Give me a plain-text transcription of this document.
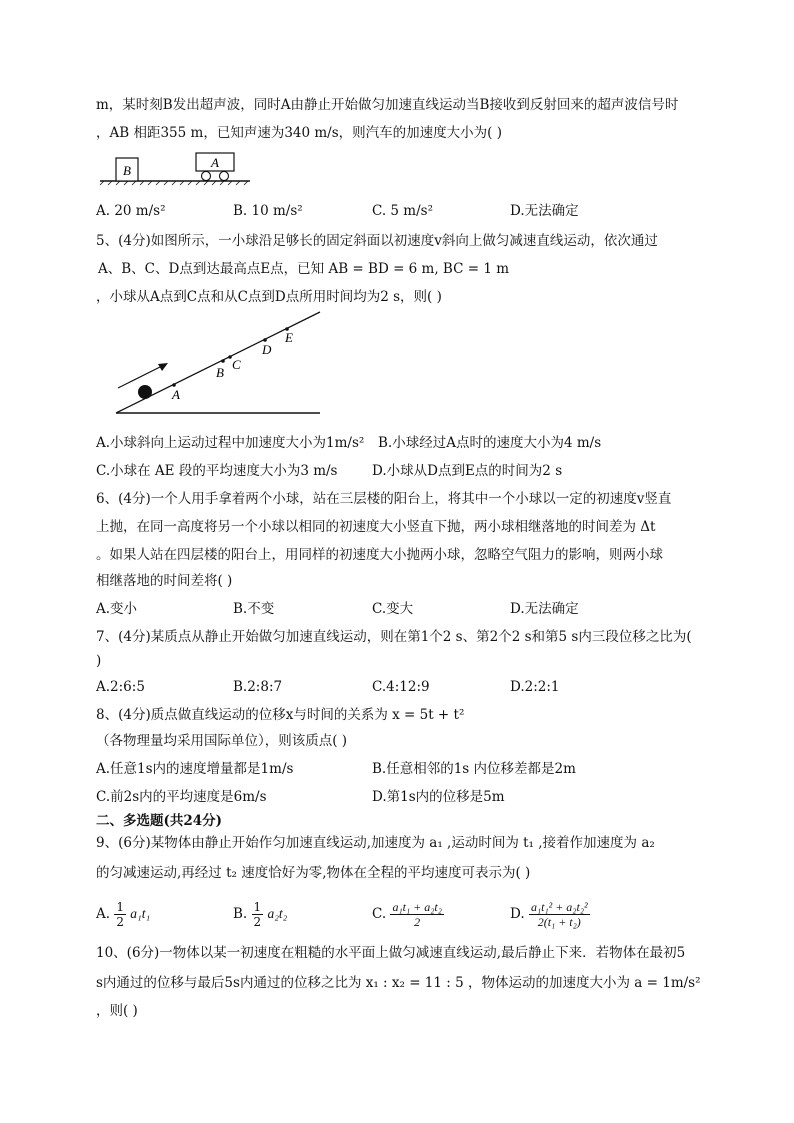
m，某时刻B发出超声波，同时A由静止开始做匀加速直线运动当B接收到反射回来的超声波信号时
，AB 相距355 m，已知声速为340 m/s，则汽车的加速度大小为( )
B
A
A. 20 m/s²	B. 10 m/s²	C. 5 m/s²	D.无法确定
5、(4分)如图所示，一小球沿足够长的固定斜面以初速度v斜向上做匀减速直线运动，依次通过
A、B、C、D点到达最高点E点，已知 AB = BD = 6 m, BC = 1 m
，小球从A点到C点和从C点到D点所用时间均为2 s，则( )
A
B
C
D
E
A.小球斜向上运动过程中加速度大小为1m/s² B.小球经过A点时的速度大小为4 m/s
C.小球在 AE 段的平均速度大小为3 m/s	D.小球从D点到E点的时间为2 s
6、(4分)一个人用手拿着两个小球，站在三层楼的阳台上，将其中一个小球以一定的初速度v竖直
上抛，在同一高度将另一个小球以相同的初速度大小竖直下抛，两小球相继落地的时间差为 Δt
。如果人站在四层楼的阳台上，用同样的初速度大小抛两小球，忽略空气阻力的影响，则两小球
相继落地的时间差将( )
A.变小	B.不变	C.变大	D.无法确定
7、(4分)某质点从静止开始做匀加速直线运动，则在第1个2 s、第2个2 s和第5 s内三段位移之比为(
)
A.2:6:5	B.2:8:7	C.4:12:9	D.2:2:1
8、(4分)质点做直线运动的位移x与时间的关系为 x = 5t + t²
（各物理量均采用国际单位），则该质点( )
A.任意1s内的速度增量都是1m/s	B.任意相邻的1s 内位移差都是2m
C.前2s内的平均速度是6m/s	D.第1s内的位移是5m
二、多选题(共24分)
9、(6分)某物体由静止开始作匀加速直线运动,加速度为 a₁ ,运动时间为 t₁ ,接着作加速度为 a₂
的匀减速运动,再经过 t₂ 速度恰好为零,物体在全程的平均速度可表示为( )
A. $\frac{1}{2} a_1t_1$	B. $\frac{1}{2} a_2t_2$	C. $\frac{\text{a₁t₁ + a₂t₂}}{2}$	D. $\frac{\text{a₁t₁² + a₂t₂²}}{\text{2(t₁ + t₂)}}$
10、(6分)一物体以某一初速度在粗糙的水平面上做匀减速直线运动,最后静止下来．若物体在最初5
s内通过的位移与最后5s内通过的位移之比为 x₁ : x₂ = 11 : 5 ，物体运动的加速度大小为 a = 1m/s²
，则( )
